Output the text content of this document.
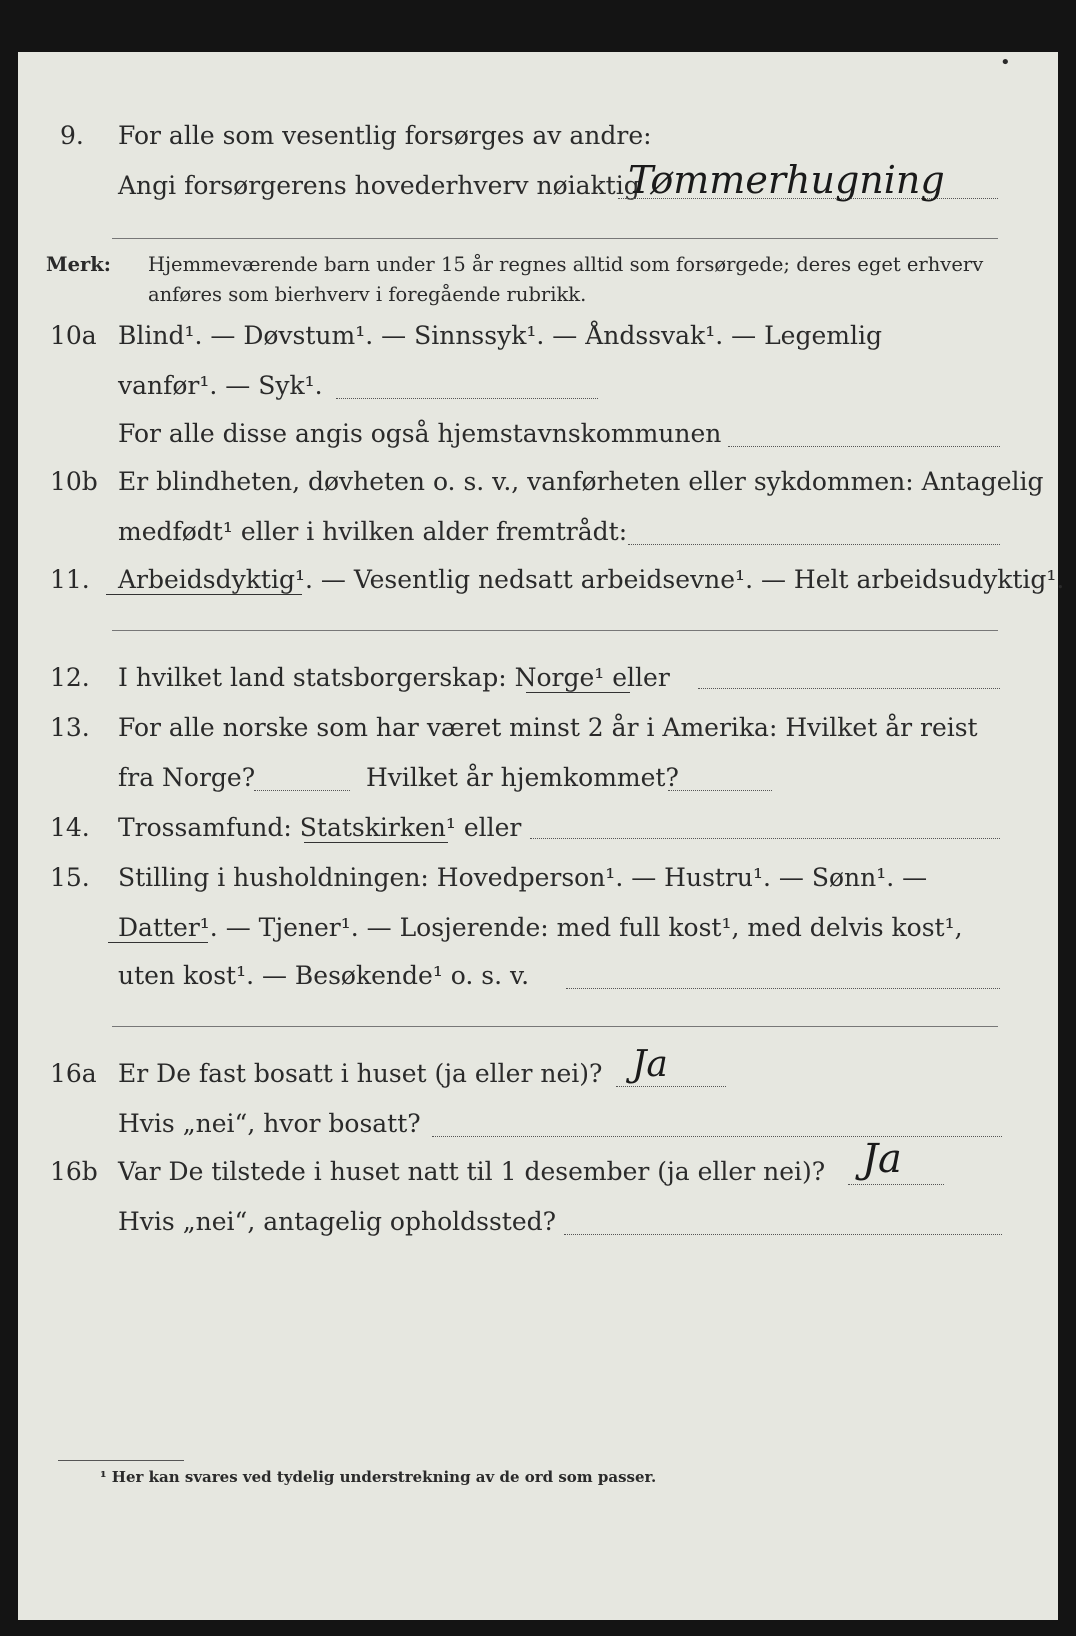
•
9. For alle som vesentlig forsørges av andre:
Angi forsørgerens hovederhverv nøiaktig
Tømmerhugning
Merk: Hjemmeværende barn under 15 år regnes alltid som forsørgede; deres eget erhverv
anføres som bierhverv i foregående rubrikk.
10a Blind¹. — Døvstum¹. — Sinnssyk¹. — Åndssvak¹. — Legemlig
vanfør¹. — Syk¹.
For alle disse angis også hjemstavnskommunen
10b Er blindheten, døvheten o. s. v., vanførheten eller sykdommen: Antagelig
medfødt¹ eller i hvilken alder fremtrådt:
11. Arbeidsdyktig¹. — Vesentlig nedsatt arbeidsevne¹. — Helt arbeidsudyktig¹.
12. I hvilket land statsborgerskap: Norge¹ eller
13. For alle norske som har været minst 2 år i Amerika: Hvilket år reist
fra Norge?	Hvilket år hjemkommet?
14. Trossamfund: Statskirken¹ eller
15. Stilling i husholdningen: Hovedperson¹. — Hustru¹. — Sønn¹. —
Datter¹. — Tjener¹. — Losjerende: med full kost¹, med delvis kost¹,
uten kost¹. — Besøkende¹ o. s. v.
16a Er De fast bosatt i huset (ja eller nei)? Ja
Hvis „nei“, hvor bosatt?
16b Var De tilstede i huset natt til 1 desember (ja eller nei)? Ja
Hvis „nei“, antagelig opholdssted?
¹ Her kan svares ved tydelig understrekning av de ord som passer.
